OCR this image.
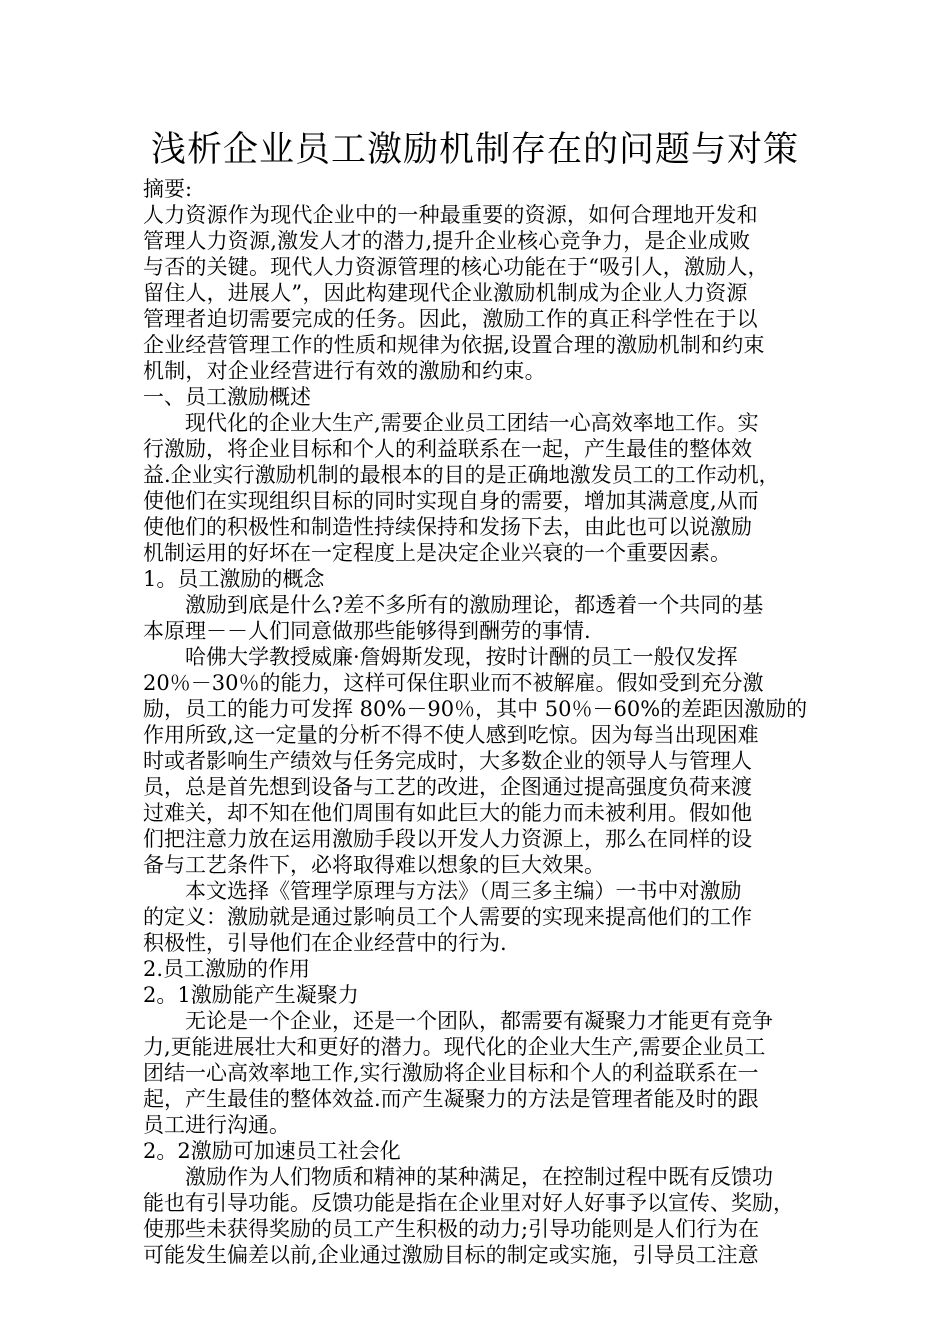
浅析企业员工激励机制存在的问题与对策
摘要:
人力资源作为现代企业中的一种最重要的资源，如何合理地开发和
管理人力资源,激发人才的潜力,提升企业核心竞争力，是企业成败
与否的关键。现代人力资源管理的核心功能在于“吸引人，激励人，
留住人，进展人”，因此构建现代企业激励机制成为企业人力资源
管理者迫切需要完成的任务。因此，激励工作的真正科学性在于以
企业经营管理工作的性质和规律为依据,设置合理的激励机制和约束
机制，对企业经营进行有效的激励和约束。
一、员工激励概述
现代化的企业大生产,需要企业员工团结一心高效率地工作。实
行激励，将企业目标和个人的利益联系在一起，产生最佳的整体效
益.企业实行激励机制的最根本的目的是正确地激发员工的工作动机，
使他们在实现组织目标的同时实现自身的需要，增加其满意度,从而
使他们的积极性和制造性持续保持和发扬下去，由此也可以说激励
机制运用的好坏在一定程度上是决定企业兴衰的一个重要因素。
1。员工激励的概念
激励到底是什么?差不多所有的激励理论，都透着一个共同的基
本原理－－人们同意做那些能够得到酬劳的事情.
哈佛大学教授威廉·詹姆斯发现，按时计酬的员工一般仅发挥
20％－30％的能力，这样可保住职业而不被解雇。假如受到充分激
励，员工的能力可发挥 80%－90％，其中 50％－60%的差距因激励的
作用所致,这一定量的分析不得不使人感到吃惊。因为每当出现困难
时或者影响生产绩效与任务完成时，大多数企业的领导人与管理人
员，总是首先想到设备与工艺的改进，企图通过提高强度负荷来渡
过难关，却不知在他们周围有如此巨大的能力而未被利用。假如他
们把注意力放在运用激励手段以开发人力资源上，那么在同样的设
备与工艺条件下，必将取得难以想象的巨大效果。
本文选择《管理学原理与方法》（周三多主编）一书中对激励
的定义：激励就是通过影响员工个人需要的实现来提高他们的工作
积极性，引导他们在企业经营中的行为.
2.员工激励的作用
2。1激励能产生凝聚力
无论是一个企业，还是一个团队，都需要有凝聚力才能更有竞争
力,更能进展壮大和更好的潜力。现代化的企业大生产,需要企业员工
团结一心高效率地工作,实行激励将企业目标和个人的利益联系在一
起，产生最佳的整体效益.而产生凝聚力的方法是管理者能及时的跟
员工进行沟通。
2。2激励可加速员工社会化
激励作为人们物质和精神的某种满足，在控制过程中既有反馈功
能也有引导功能。反馈功能是指在企业里对好人好事予以宣传、奖励，
使那些未获得奖励的员工产生积极的动力;引导功能则是人们行为在
可能发生偏差以前,企业通过激励目标的制定或实施，引导员工注意
